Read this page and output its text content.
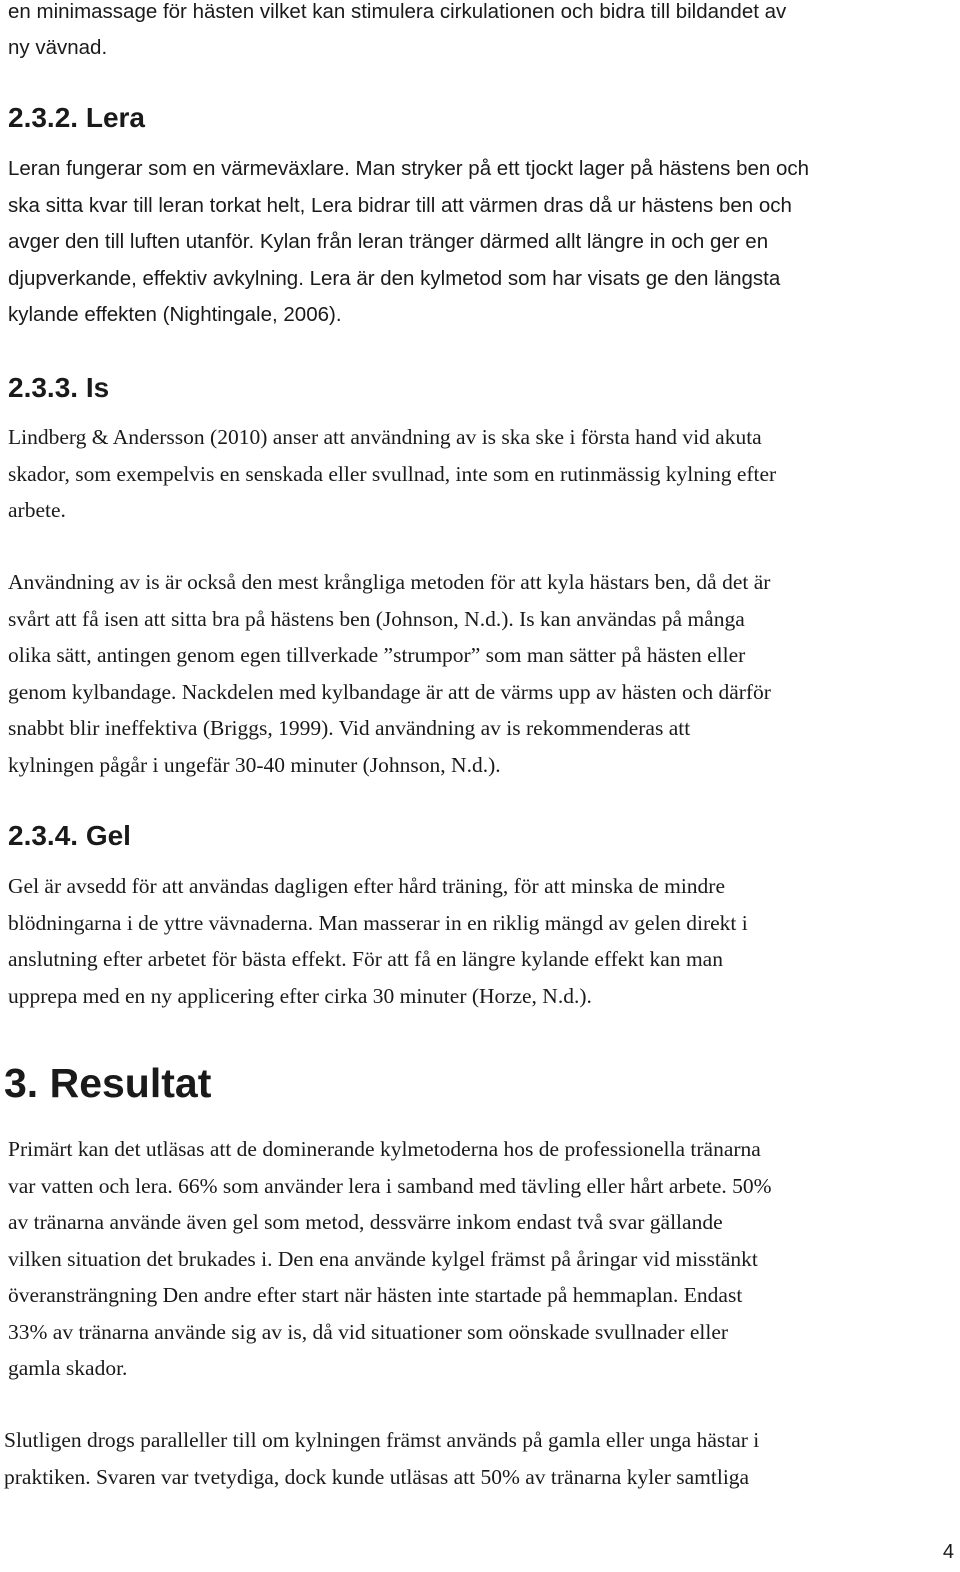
en minimassage för hästen vilket kan stimulera cirkulationen och bidra till bildandet av
ny vävnad.

2.3.2. Lera

Leran fungerar som en värmeväxlare. Man stryker på ett tjockt lager på hästens ben och
ska sitta kvar till leran torkat helt, Lera bidrar till att värmen dras då ur hästens ben och
avger den till luften utanför. Kylan från leran tränger därmed allt längre in och ger en
djupverkande, effektiv avkylning. Lera är den kylmetod som har visats ge den längsta
kylande effekten (Nightingale, 2006).

2.3.3. Is

Lindberg & Andersson (2010) anser att användning av is ska ske i första hand vid akuta
skador, som exempelvis en senskada eller svullnad, inte som en rutinmässig kylning efter
arbete.

Användning av is är också den mest krångliga metoden för att kyla hästars ben, då det är
svårt att få isen att sitta bra på hästens ben (Johnson, N.d.). Is kan användas på många
olika sätt, antingen genom egen tillverkade ”strumpor” som man sätter på hästen eller
genom kylbandage. Nackdelen med kylbandage är att de värms upp av hästen och därför
snabbt blir ineffektiva (Briggs, 1999). Vid användning av is rekommenderas att
kylningen pågår i ungefär 30-40 minuter (Johnson, N.d.).

2.3.4. Gel

Gel är avsedd för att användas dagligen efter hård träning, för att minska de mindre
blödningarna i de yttre vävnaderna. Man masserar in en riklig mängd av gelen direkt i
anslutning efter arbetet för bästa effekt. För att få en längre kylande effekt kan man
upprepa med en ny applicering efter cirka 30 minuter (Horze, N.d.).

3. Resultat

Primärt kan det utläsas att de dominerande kylmetoderna hos de professionella tränarna
var vatten och lera. 66% som använder lera i samband med tävling eller hårt arbete. 50%
av tränarna använde även gel som metod, dessvärre inkom endast två svar gällande
vilken situation det brukades i. Den ena använde kylgel främst på åringar vid misstänkt
överansträngning Den andre efter start när hästen inte startade på hemmaplan. Endast
33% av tränarna använde sig av is, då vid situationer som oönskade svullnader eller
gamla skador.

Slutligen drogs paralleller till om kylningen främst används på gamla eller unga hästar i
praktiken. Svaren var tvetydiga, dock kunde utläsas att 50% av tränarna kyler samtliga

4
